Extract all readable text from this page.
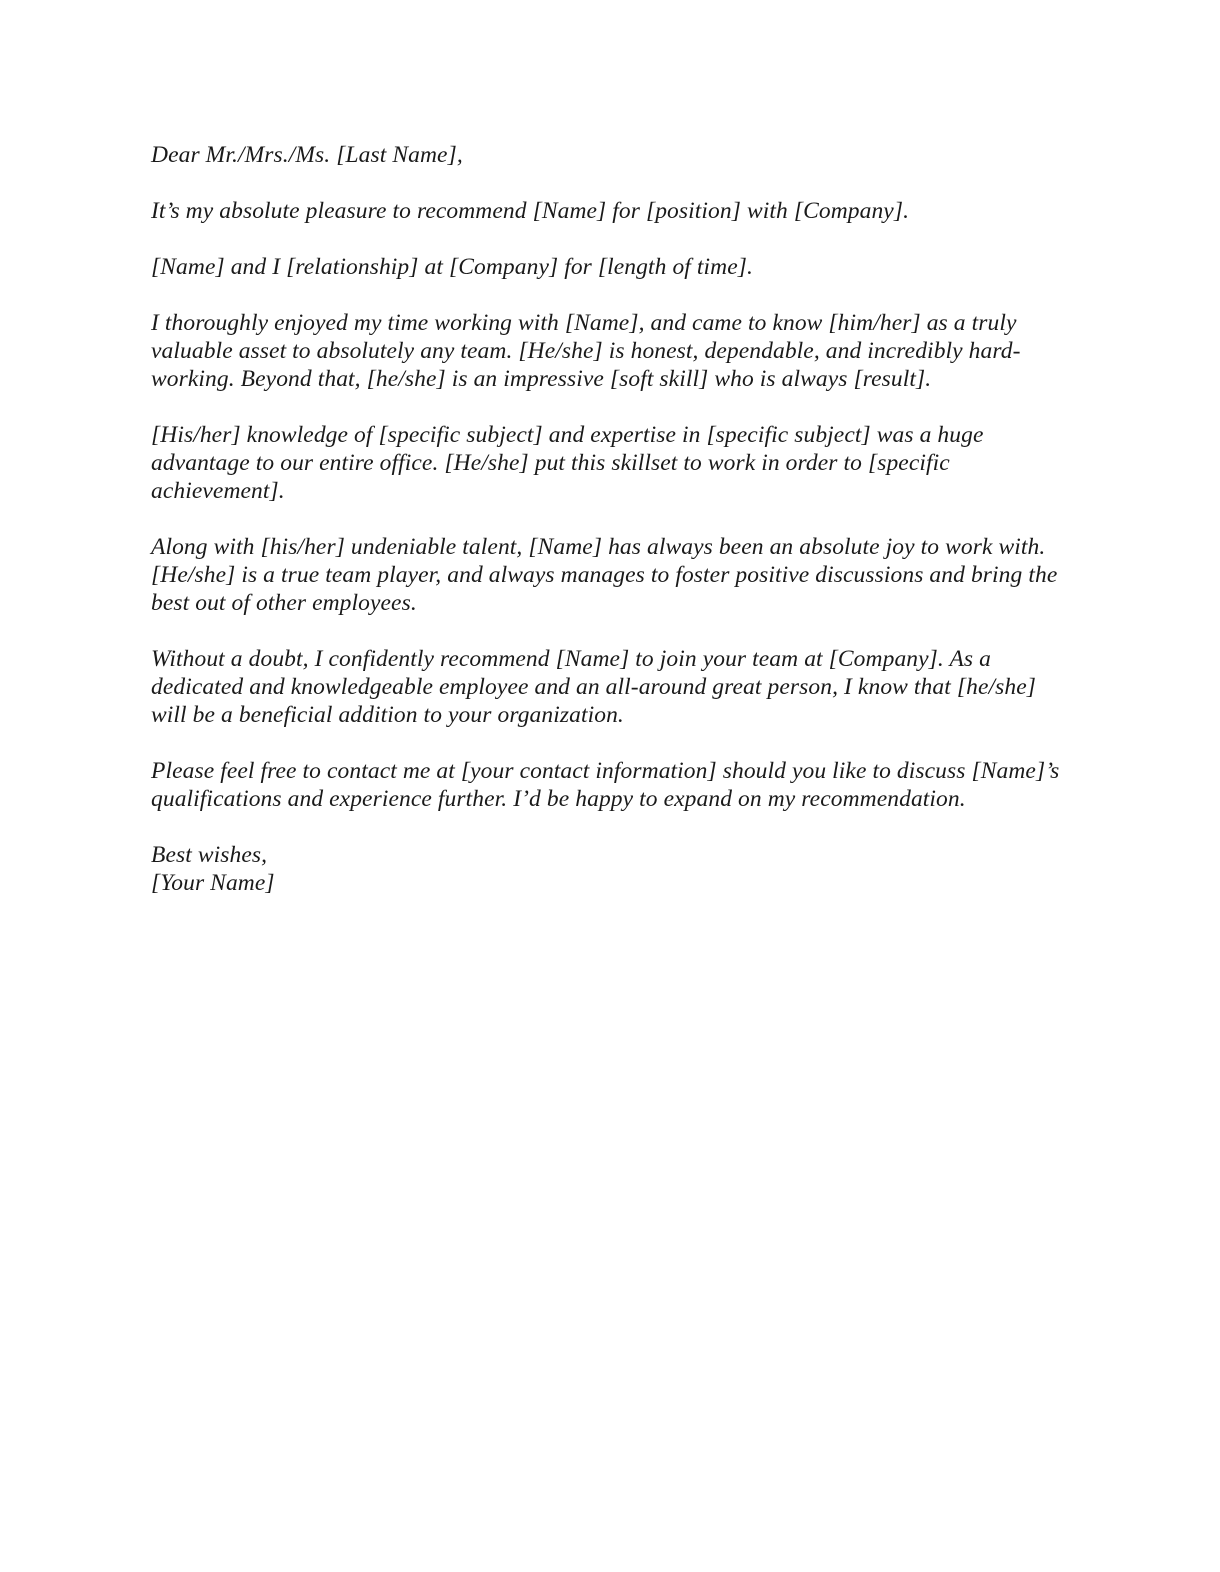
Dear Mr./Mrs./Ms. [Last Name],

It’s my absolute pleasure to recommend [Name] for [position] with [Company].

[Name] and I [relationship] at [Company] for [length of time].

I thoroughly enjoyed my time working with [Name], and came to know [him/her] as a truly valuable asset to absolutely any team. [He/she] is honest, dependable, and incredibly hard-working. Beyond that, [he/she] is an impressive [soft skill] who is always [result].

[His/her] knowledge of [specific subject] and expertise in [specific subject] was a huge advantage to our entire office. [He/she] put this skillset to work in order to [specific achievement].

Along with [his/her] undeniable talent, [Name] has always been an absolute joy to work with. [He/she] is a true team player, and always manages to foster positive discussions and bring the best out of other employees.

Without a doubt, I confidently recommend [Name] to join your team at [Company]. As a dedicated and knowledgeable employee and an all-around great person, I know that [he/she] will be a beneficial addition to your organization.

Please feel free to contact me at [your contact information] should you like to discuss [Name]’s qualifications and experience further. I’d be happy to expand on my recommendation.

Best wishes,

[Your Name]
